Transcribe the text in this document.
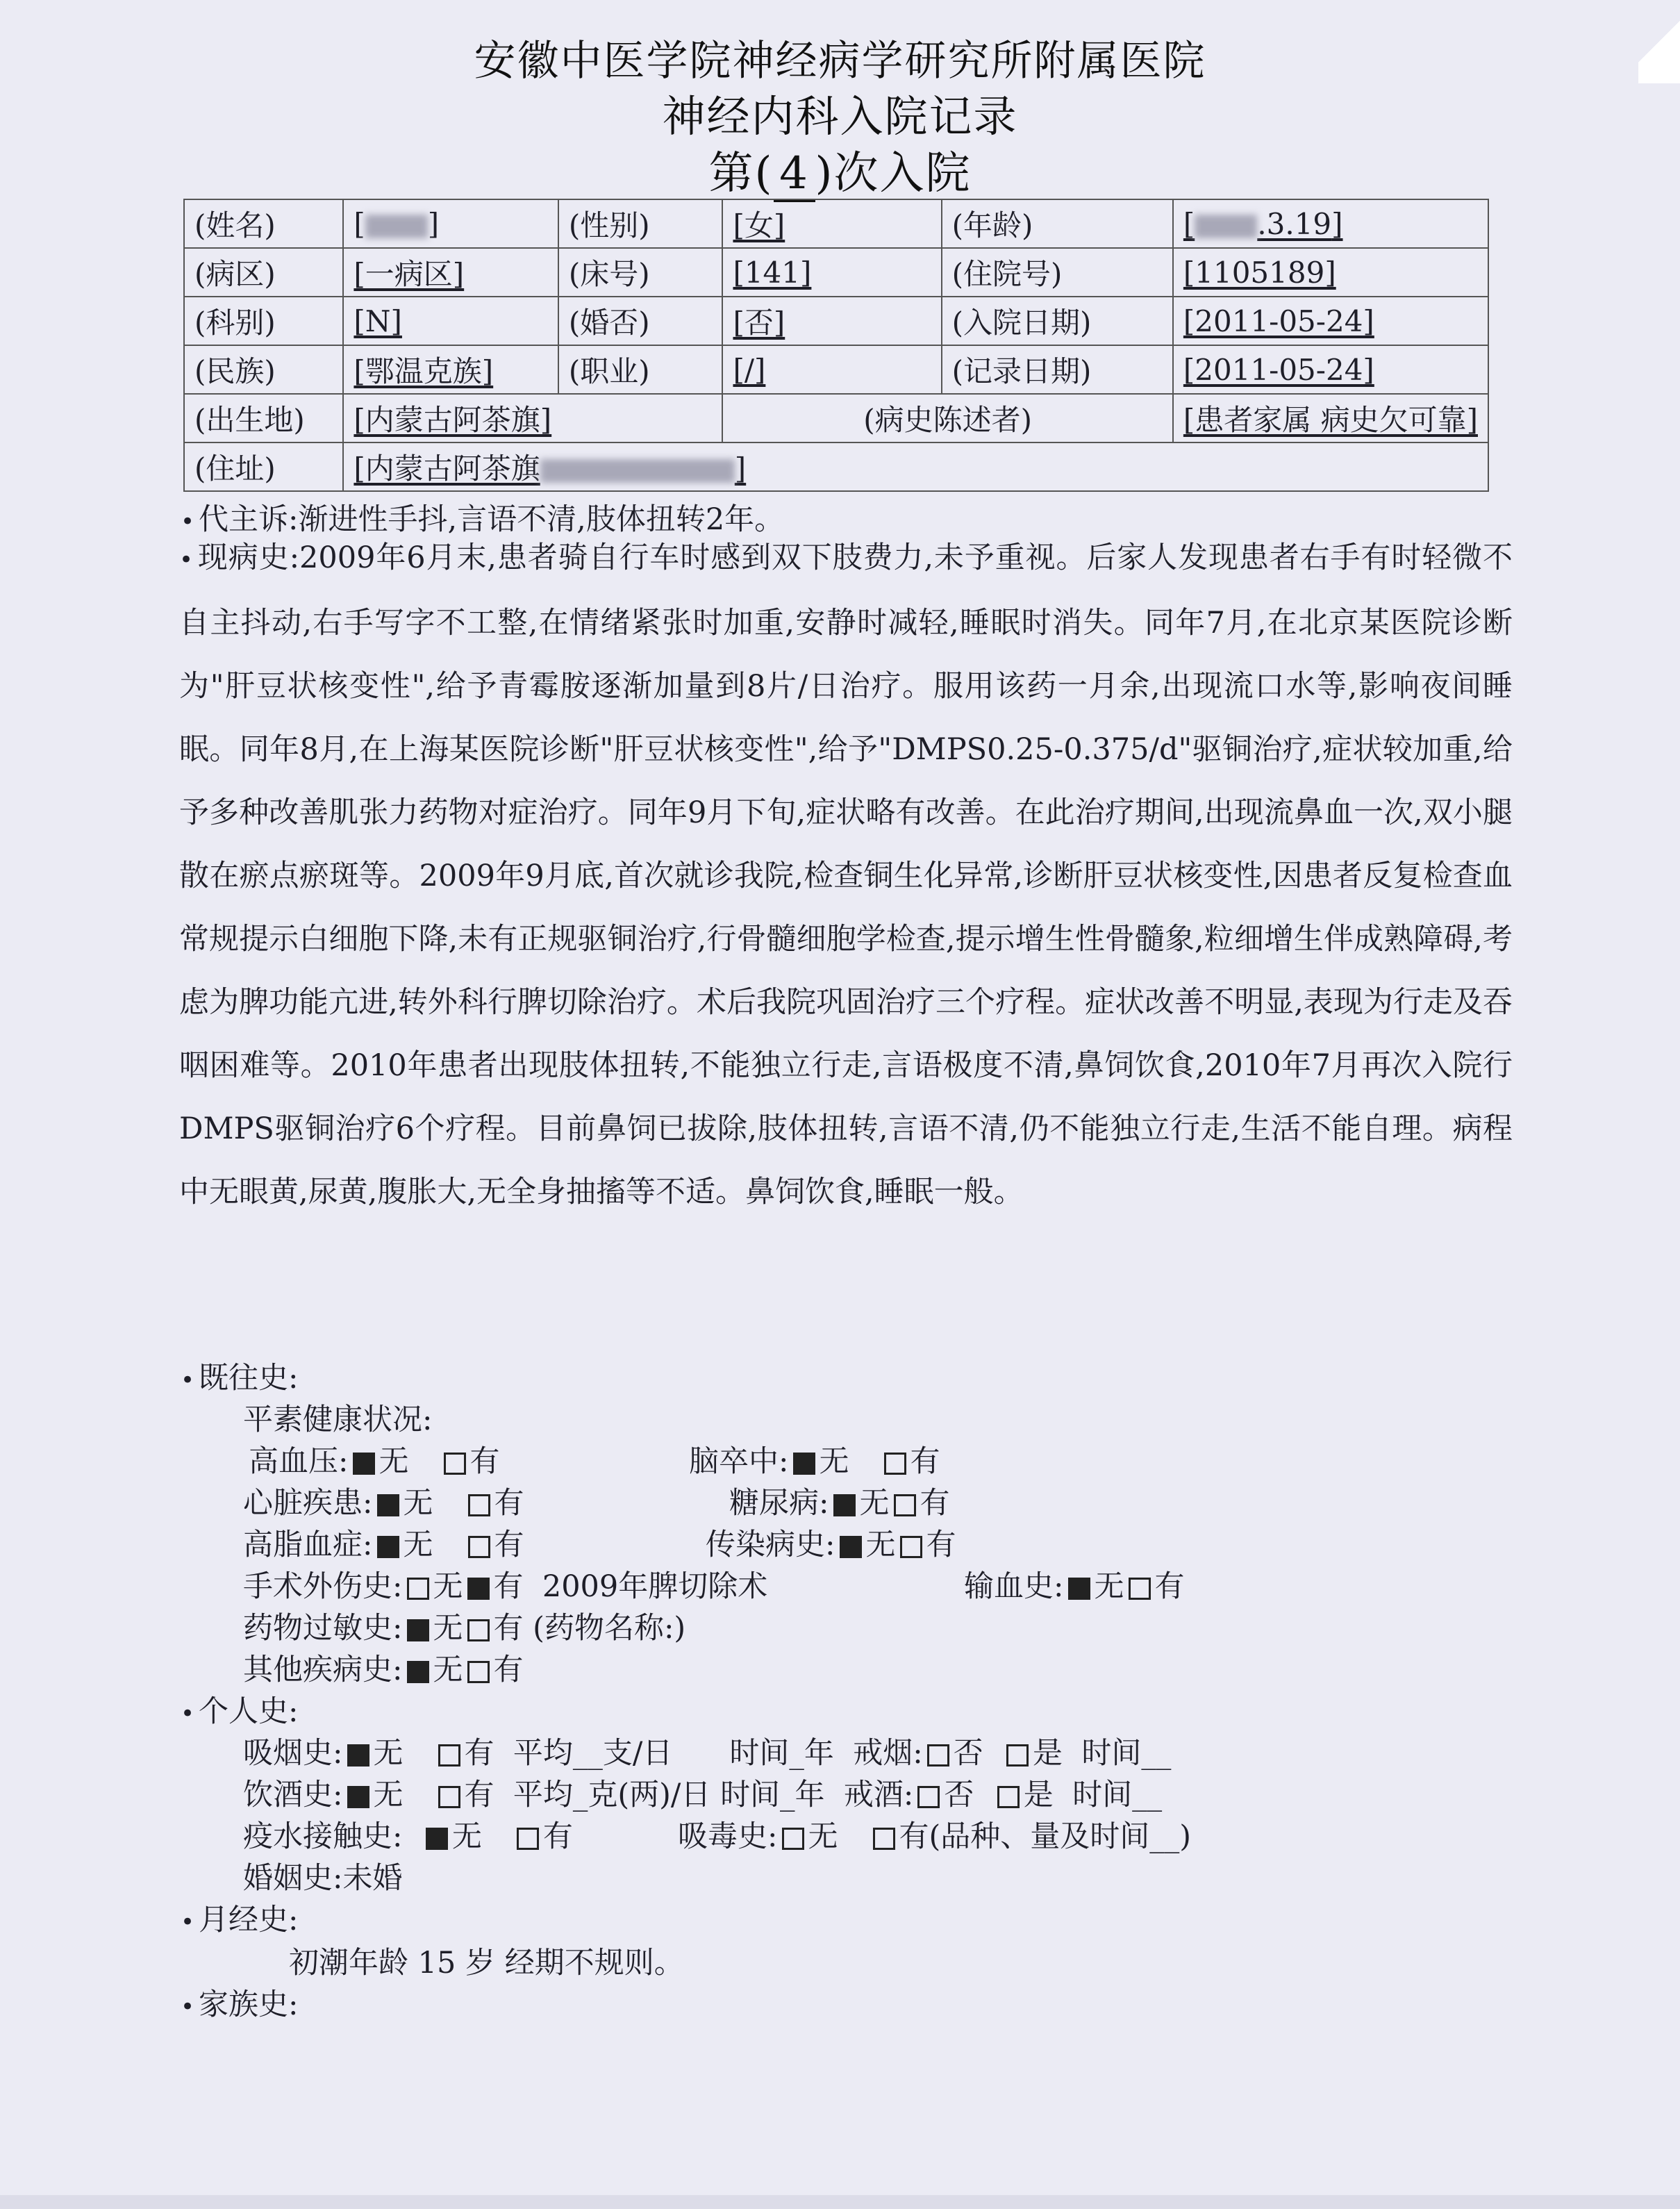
安徽中医学院神经病学研究所附属医院
神经内科入院记录
第( 4 )次入院
(姓名)	[ ]	(性别)	[女]	(年龄)	[ .3.19]
(病区)	[一病区]	(床号)	[141]	(住院号)	[1105189]
(科别)	[N]	(婚否)	[否]	(入院日期)	[2011-05-24]
(民族)	[鄂温克族]	(职业)	[/]	(记录日期)	[2011-05-24]
(出生地)	[内蒙古阿茶旗]		(病史陈述者)		[患者家属 病史欠可靠]
(住址)	[内蒙古阿茶旗 ]				
• 代主诉:渐进性手抖,言语不清,肢体扭转2年。
• 现病史:2009年6月末,患者骑自行车时感到双下肢费力,未予重视。后家人发现患者右手有时轻微不自主抖动,右手写字不工整,在情绪紧张时加重,安静时减轻,睡眠时消失。同年7月,在北京某医院诊断为"肝豆状核变性",给予青霉胺逐渐加量到8片/日治疗。服用该药一月余,出现流口水等,影响夜间睡眠。同年8月,在上海某医院诊断"肝豆状核变性",给予"DMPS0.25-0.375/d"驱铜治疗,症状较加重,给予多种改善肌张力药物对症治疗。同年9月下旬,症状略有改善。在此治疗期间,出现流鼻血一次,双小腿散在瘀点瘀斑等。2009年9月底,首次就诊我院,检查铜生化异常,诊断肝豆状核变性,因患者反复检查血常规提示白细胞下降,未有正规驱铜治疗,行骨髓细胞学检查,提示增生性骨髓象,粒细增生伴成熟障碍,考虑为脾功能亢进,转外科行脾切除治疗。术后我院巩固治疗三个疗程。症状改善不明显,表现为行走及吞咽困难等。2010年患者出现肢体扭转,不能独立行走,言语极度不清,鼻饲饮食,2010年7月再次入院行DMPS驱铜治疗6个疗程。目前鼻饲已拔除,肢体扭转,言语不清,仍不能独立行走,生活不能自理。病程中无眼黄,尿黄,腹胀大,无全身抽搐等不适。鼻饲饮食,睡眠一般。
• 既往史:
平素健康状况:
高血压: 无 有	脑卒中: 无 有
心脏疾患: 无 有	糖尿病: 无 有
高脂血症: 无 有	传染病史: 无 有
手术外伤史: 无 有 2009年脾切除术	输血史: 无 有
药物过敏史: 无 有 (药物名称:)
其他疾病史: 无 有
• 个人史:
吸烟史: 无 有 平均__支/日 时间_年 戒烟: 否 是 时间__
饮酒史: 无 有 平均_克(两)/日 时间_年 戒酒: 否 是 时间__
疫水接触史: 无 有	吸毒史: 无 有(品种、量及时间__)
婚姻史:未婚
• 月经史:
初潮年龄 15 岁 经期不规则。
• 家族史:
